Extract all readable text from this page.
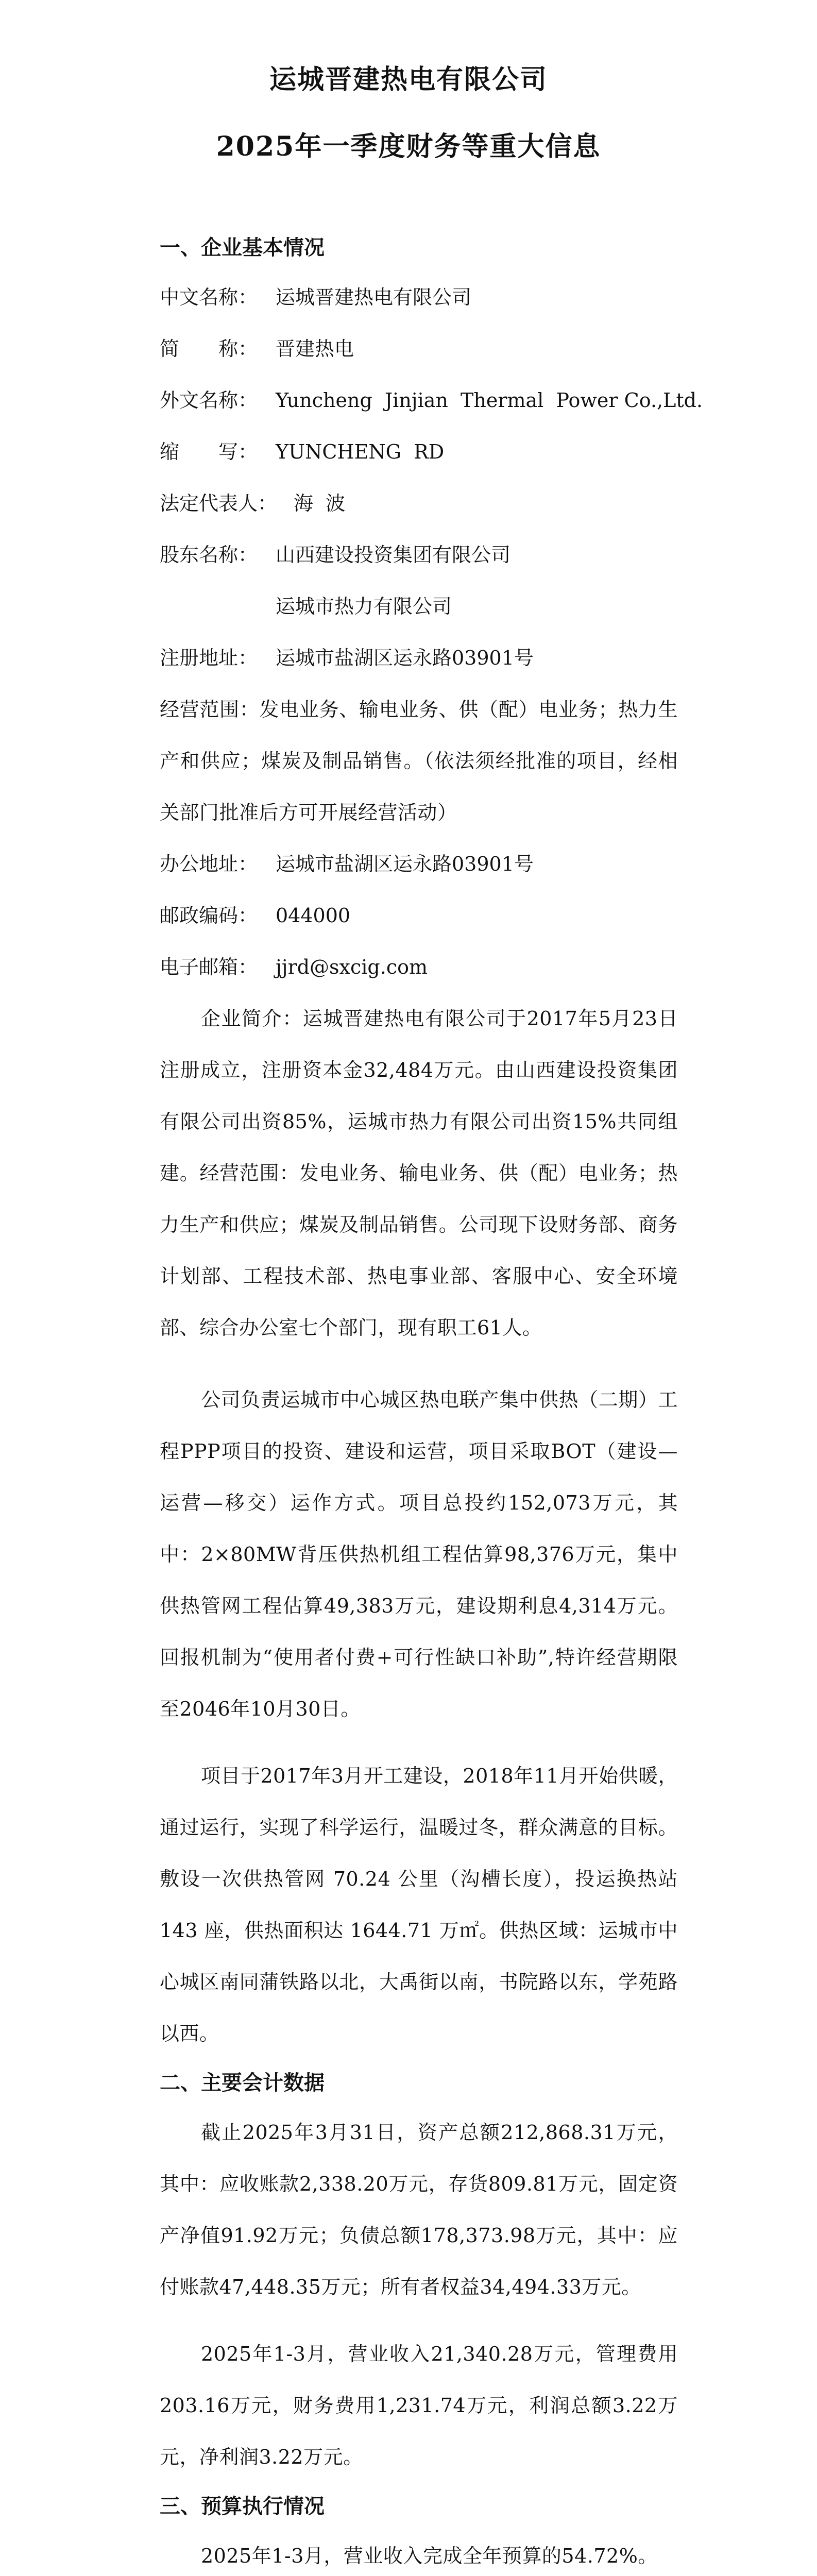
运城晋建热电有限公司
2025年一季度财务等重大信息
一、企业基本情况
中文名称： 运城晋建热电有限公司
简　　称： 晋建热电
外文名称： Yuncheng  Jinjian  Thermal  Power Co.,Ltd.
缩　　写： YUNCHENG  RD
法定代表人： 海  波
股东名称： 山西建设投资集团有限公司
运城市热力有限公司
注册地址： 运城市盐湖区运永路03901号

经营范围：发电业务、输电业务、供（配）电业务；热力生产和供应；煤炭及制品销售。（依法须经批准的项目，经相关部门批准后方可开展经营活动）

办公地址： 运城市盐湖区运永路03901号
邮政编码： 044000
电子邮箱： jjrd@sxcig.com

企业简介：运城晋建热电有限公司于2017年5月23日注册成立，注册资本金32,484万元。由山西建设投资集团有限公司出资85%，运城市热力有限公司出资15%共同组建。经营范围：发电业务、输电业务、供（配）电业务；热力生产和供应；煤炭及制品销售。公司现下设财务部、商务计划部、工程技术部、热电事业部、客服中心、安全环境部、综合办公室七个部门，现有职工61人。

公司负责运城市中心城区热电联产集中供热（二期）工程PPP项目的投资、建设和运营，项目采取BOT（建设—运营—移交）运作方式。项目总投约152,073万元，其中：2×80MW背压供热机组工程估算98,376万元，集中供热管网工程估算49,383万元，建设期利息4,314万元。回报机制为“使用者付费+可行性缺口补助”,特许经营期限至2046年10月30日。

项目于2017年3月开工建设，2018年11月开始供暖，通过运行，实现了科学运行，温暖过冬，群众满意的目标。敷设一次供热管网 70.24 公里（沟槽长度），投运换热站 143 座，供热面积达 1644.71 万㎡。供热区域：运城市中心城区南同蒲铁路以北，大禹街以南，书院路以东，学苑路以西。

二、主要会计数据

截止2025年3月31日，资产总额212,868.31万元，其中：应收账款2,338.20万元，存货809.81万元，固定资产净值91.92万元；负债总额178,373.98万元，其中：应付账款47,448.35万元；所有者权益34,494.33万元。

2025年1-3月，营业收入21,340.28万元，管理费用203.16万元，财务费用1,231.74万元，利润总额3.22万元，净利润3.22万元。

三、预算执行情况

2025年1-3月，营业收入完成全年预算的54.72%。
